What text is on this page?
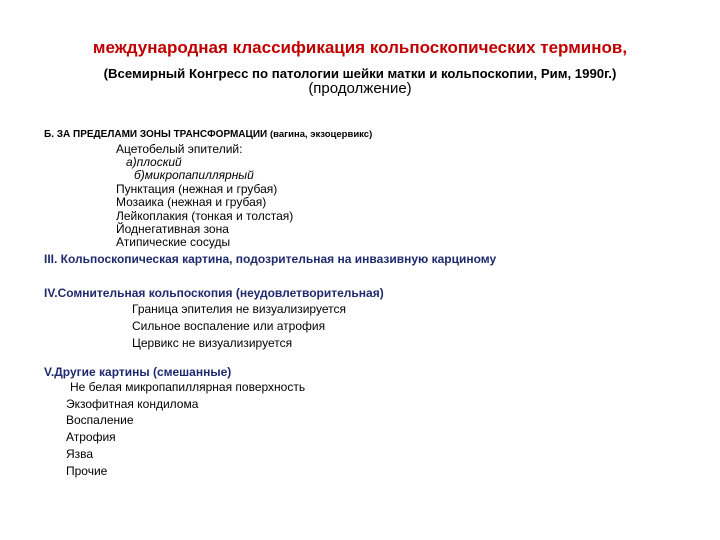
международная классификация кольпоскопических терминов,
(Всемирный Конгресс по патологии шейки матки и кольпоскопии, Рим, 1990г.)
(продолжение)
Б. ЗА ПРЕДЕЛАМИ ЗОНЫ ТРАНСФОРМАЦИИ (вагина, экзоцервикс)
Ацетобелый эпителий:
а)плоский
б)микропапиллярный
Пунктация (нежная и грубая)
Мозаика (нежная и грубая)
Лейкоплакия (тонкая и толстая)
Йоднегативная зона
Атипические сосуды
III. Кольпоскопическая картина, подозрительная на инвазивную карциному
IV.Сомнительная кольпоскопия (неудовлетворительная)
Граница эпителия не визуализируется
Сильное воспаление или атрофия
Цервикс не визуализируется
V.Другие картины (смешанные)
Не белая микропапиллярная поверхность
Экзофитная кондилома
Воспаление
Атрофия
Язва
Прочие
